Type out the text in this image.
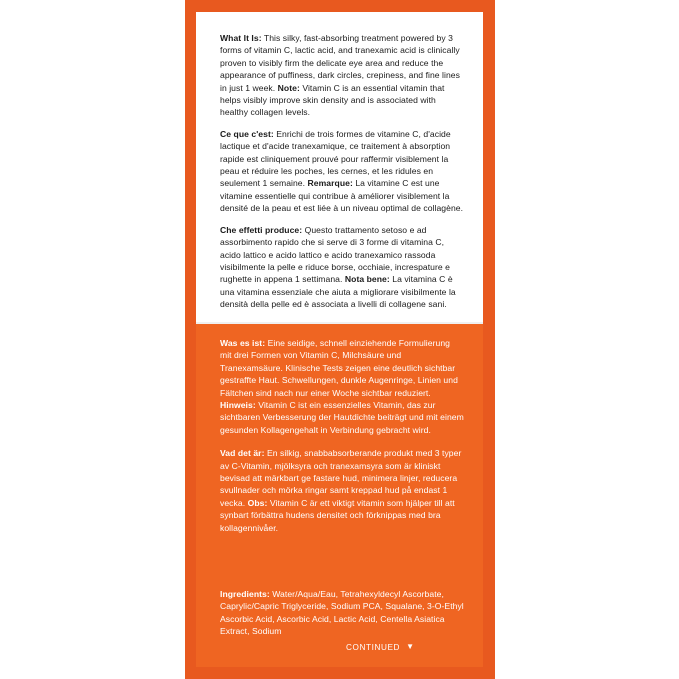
What It Is: This silky, fast-absorbing treatment powered by 3 forms of vitamin C, lactic acid, and tranexamic acid is clinically proven to visibly firm the delicate eye area and reduce the appearance of puffiness, dark circles, crepiness, and fine lines in just 1 week. Note: Vitamin C is an essential vitamin that helps visibly improve skin density and is associated with healthy collagen levels.

Ce que c'est: Enrichi de trois formes de vitamine C, d'acide lactique et d'acide tranexamique, ce traitement à absorption rapide est cliniquement prouvé pour raffermir visiblement la peau et réduire les poches, les cernes, et les ridules en seulement 1 semaine. Remarque: La vitamine C est une vitamine essentielle qui contribue à améliorer visiblement la densité de la peau et est liée à un niveau optimal de collagène.

Che effetti produce: Questo trattamento setoso e ad assorbimento rapido che si serve di 3 forme di vitamina C, acido lattico e acido lattico e acido tranexamico rassoda visibilmente la pelle e riduce borse, occhiaie, increspature e rughette in appena 1 settimana. Nota bene: La vitamina C è una vitamina essenziale che aiuta a migliorare visibilmente la densità della pelle ed è associata a livelli di collagene sani.

Was es ist: Eine seidige, schnell einziehende Formulierung mit drei Formen von Vitamin C, Milchsäure und Tranexamsäure. Klinische Tests zeigen eine deutlich sichtbar gestraffte Haut. Schwellungen, dunkle Augenringe, Linien und Fältchen sind nach nur einer Woche sichtbar reduziert. Hinweis: Vitamin C ist ein essenzielles Vitamin, das zur sichtbaren Verbesserung der Hautdichte beiträgt und mit einem gesunden Kollagengehalt in Verbindung gebracht wird.

Vad det är: En silkig, snabbabsorberande produkt med 3 typer av C-Vitamin, mjölksyra och tranexamsyra som är kliniskt bevisad att märkbart ge fastare hud, minimera linjer, reducera svullnader och mörka ringar samt kreppad hud på endast 1 vecka. Obs: Vitamin C är ett viktigt vitamin som hjälper till att synbart förbättra hudens densitet och förknippas med bra kollagennivåer.

Ingredients: Water/Aqua/Eau, Tetrahexyldecyl Ascorbate, Caprylic/Capric Triglyceride, Sodium PCA, Squalane, 3-O-Ethyl Ascorbic Acid, Ascorbic Acid, Lactic Acid, Centella Asiatica Extract, Sodium

CONTINUED ▼
